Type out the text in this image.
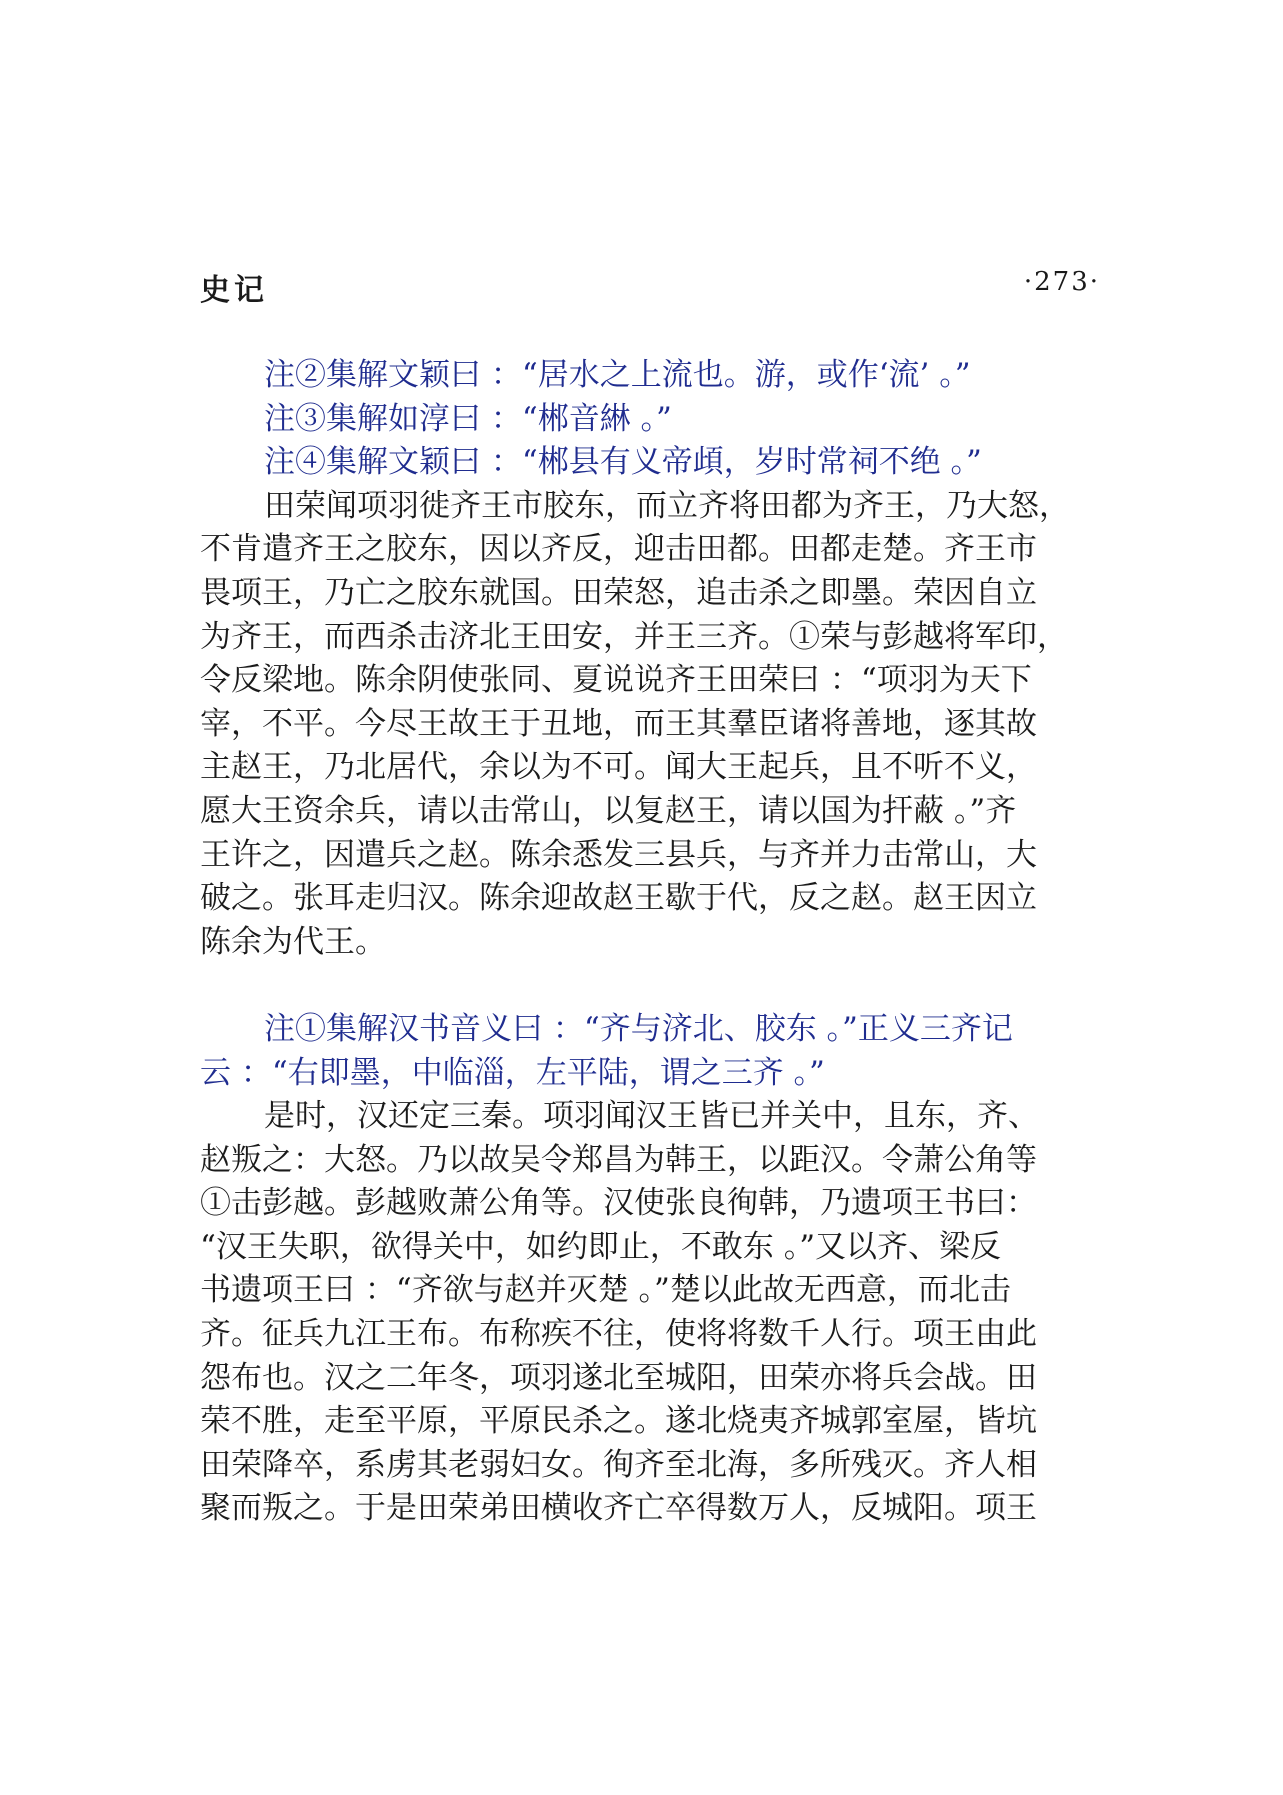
史记	·273·
注②集解文颖曰 ：“居水之上流也。游，或作‘流’ 。”
注③集解如淳曰 ：“郴音綝 。”
注④集解文颖曰 ：“郴县有义帝頉，岁时常祠不绝 。”
田荣闻项羽徙齐王市胶东，而立齐将田都为齐王，乃大怒，
不肯遣齐王之胶东，因以齐反，迎击田都。田都走楚。齐王市
畏项王，乃亡之胶东就国。田荣怒，追击杀之即墨。荣因自立
为齐王，而西杀击济北王田安，并王三齐。①荣与彭越将军印，
令反梁地。陈余阴使张同、夏说说齐王田荣曰 ：“项羽为天下
宰，不平。今尽王故王于丑地，而王其羣臣诸将善地，逐其故
主赵王，乃北居代，余以为不可。闻大王起兵，且不听不义，
愿大王资余兵，请以击常山，以复赵王，请以国为扞蔽 。”齐
王许之，因遣兵之赵。陈余悉发三县兵，与齐并力击常山，大
破之。张耳走归汉。陈余迎故赵王歇于代，反之赵。赵王因立
陈余为代王。
注①集解汉书音义曰 ：“齐与济北、胶东 。”正义三齐记
云 ：“右即墨，中临淄，左平陆，谓之三齐 。”
是时，汉还定三秦。项羽闻汉王皆已并关中，且东，齐、
赵叛之：大怒。乃以故吴令郑昌为韩王，以距汉。令萧公角等
①击彭越。彭越败萧公角等。汉使张良徇韩，乃遗项王书曰：
“汉王失职，欲得关中，如约即止，不敢东 。”又以齐、梁反
书遗项王曰 ：“齐欲与赵并灭楚 。”楚以此故无西意，而北击
齐。征兵九江王布。布称疾不往，使将将数千人行。项王由此
怨布也。汉之二年冬，项羽遂北至城阳，田荣亦将兵会战。田
荣不胜，走至平原，平原民杀之。遂北烧夷齐城郭室屋，皆坑
田荣降卒，系虏其老弱妇女。徇齐至北海，多所残灭。齐人相
聚而叛之。于是田荣弟田横收齐亡卒得数万人，反城阳。项王
